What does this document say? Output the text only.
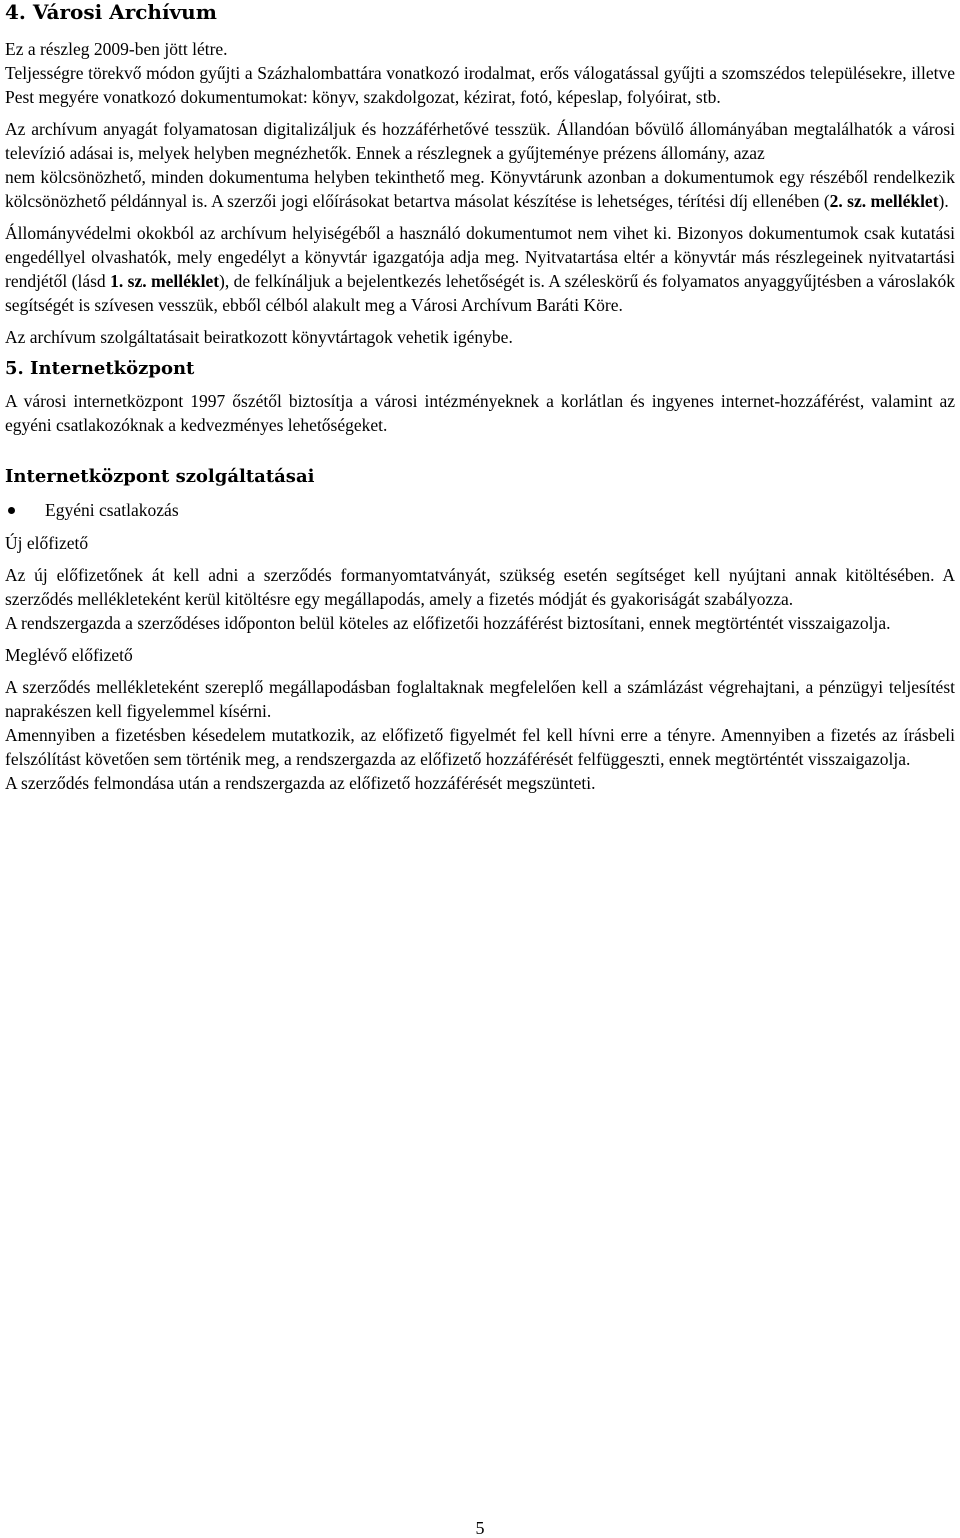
4. Városi Archívum

Ez a részleg 2009-ben jött létre.

Teljességre törekvő módon gyűjti a Százhalombattára vonatkozó irodalmat, erős válogatással gyűjti a szomszédos településekre, illetve Pest megyére vonatkozó dokumentumokat: könyv, szakdolgozat, kézirat, fotó, képeslap, folyóirat, stb.

Az archívum anyagát folyamatosan digitalizáljuk és hozzáférhetővé tesszük. Állandóan bővülő állományában megtalálhatók a városi televízió adásai is, melyek helyben megnézhetők. Ennek a részlegnek a gyűjteménye prézens állomány, azaz

nem kölcsönözhető, minden dokumentuma helyben tekinthető meg. Könyvtárunk azonban a dokumentumok egy részéből rendelkezik kölcsönözhető példánnyal is. A szerzői jogi előírásokat betartva másolat készítése is lehetséges, térítési díj ellenében (2. sz. melléklet).

Állományvédelmi okokból az archívum helyiségéből a használó dokumentumot nem vihet ki. Bizonyos dokumentumok csak kutatási engedéllyel olvashatók, mely engedélyt a könyvtár igazgatója adja meg. Nyitvatartása eltér a könyvtár más részlegeinek nyitvatartási rendjétől (lásd 1. sz. melléklet), de felkínáljuk a bejelentkezés lehetőségét is. A széleskörű és folyamatos anyaggyűjtésben a városlakók segítségét is szívesen vesszük, ebből célból alakult meg a Városi Archívum Baráti Köre.

Az archívum szolgáltatásait beiratkozott könyvtártagok vehetik igénybe.

5. Internetközpont

A városi internetközpont 1997 őszétől biztosítja a városi intézményeknek a korlátlan és ingyenes internet-hozzáférést, valamint az egyéni csatlakozóknak a kedvezményes lehetőségeket.

Internetközpont szolgáltatásai
Egyéni csatlakozás

Új előfizető

Az új előfizetőnek át kell adni a szerződés formanyomtatványát, szükség esetén segítséget kell nyújtani annak kitöltésében. A szerződés mellékleteként kerül kitöltésre egy megállapodás, amely a fizetés módját és gyakoriságát szabályozza.

A rendszergazda a szerződéses időponton belül köteles az előfizetői hozzáférést biztosítani, ennek megtörténtét visszaigazolja.

Meglévő előfizető

A szerződés mellékleteként szereplő megállapodásban foglaltaknak megfelelően kell a számlázást végrehajtani, a pénzügyi teljesítést naprakészen kell figyelemmel kísérni.

Amennyiben a fizetésben késedelem mutatkozik, az előfizető figyelmét fel kell hívni erre a tényre. Amennyiben a fizetés az írásbeli felszólítást követően sem történik meg, a rendszergazda az előfizető hozzáférését felfüggeszti, ennek megtörténtét visszaigazolja.

A szerződés felmondása után a rendszergazda az előfizető hozzáférését megszünteti.

5
